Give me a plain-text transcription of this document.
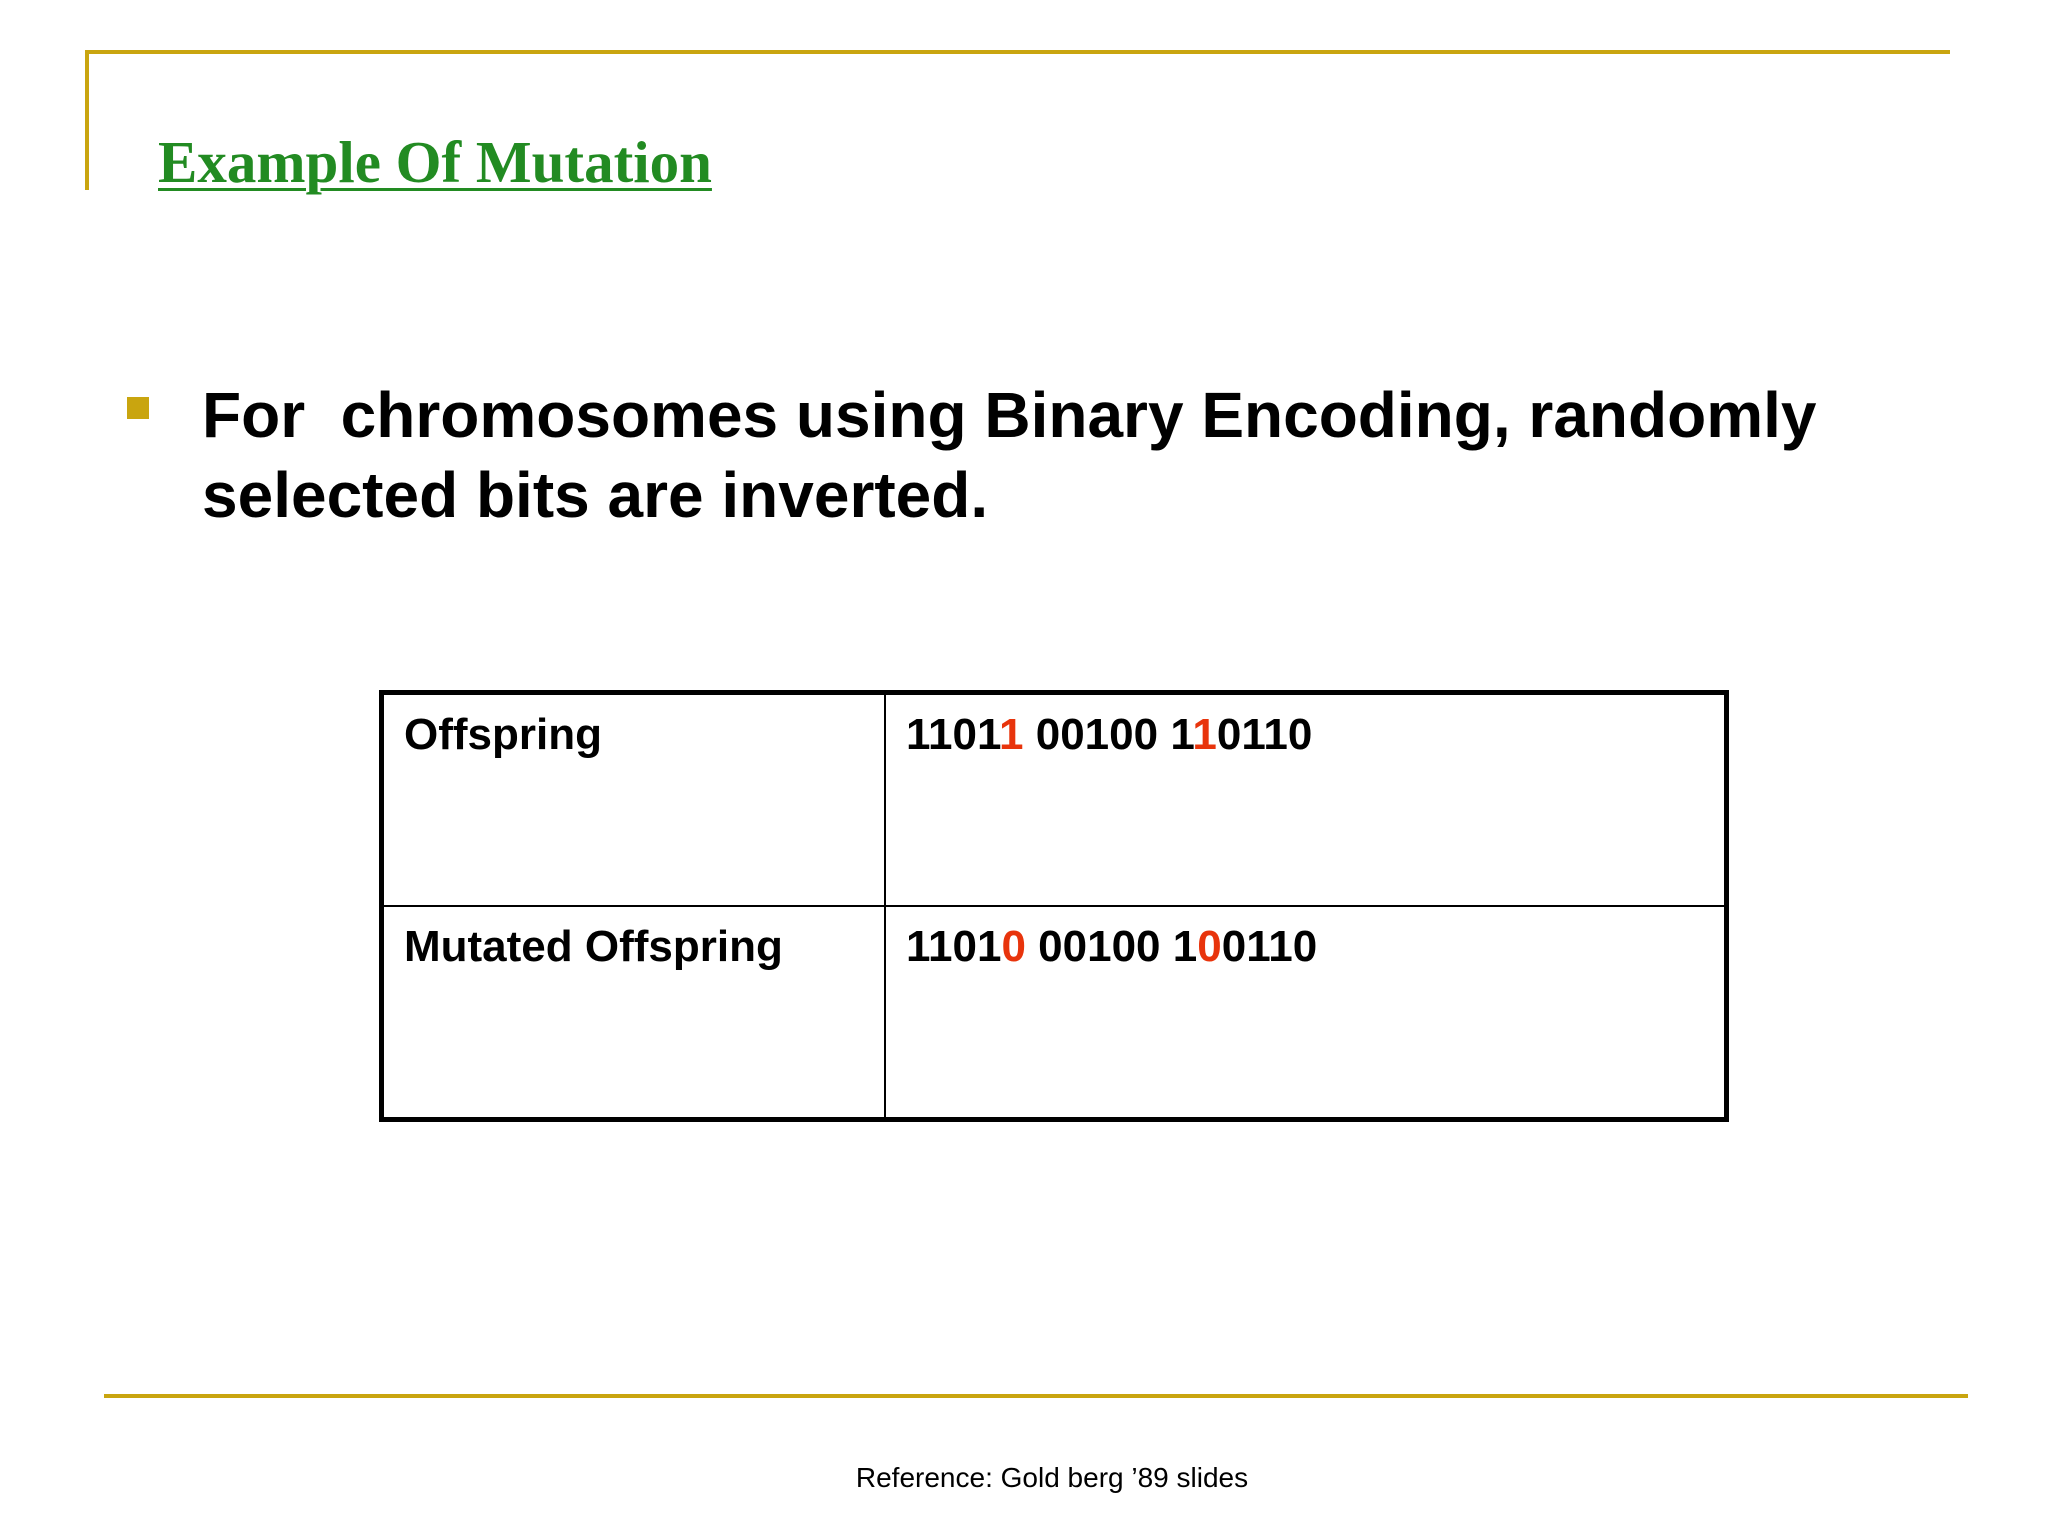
Example Of Mutation
For  chromosomes using Binary Encoding, randomly selected bits are inverted.
Offspring	11011 00100 110110
Mutated Offspring	11010 00100 100110
Reference: Gold berg ’89 slides
